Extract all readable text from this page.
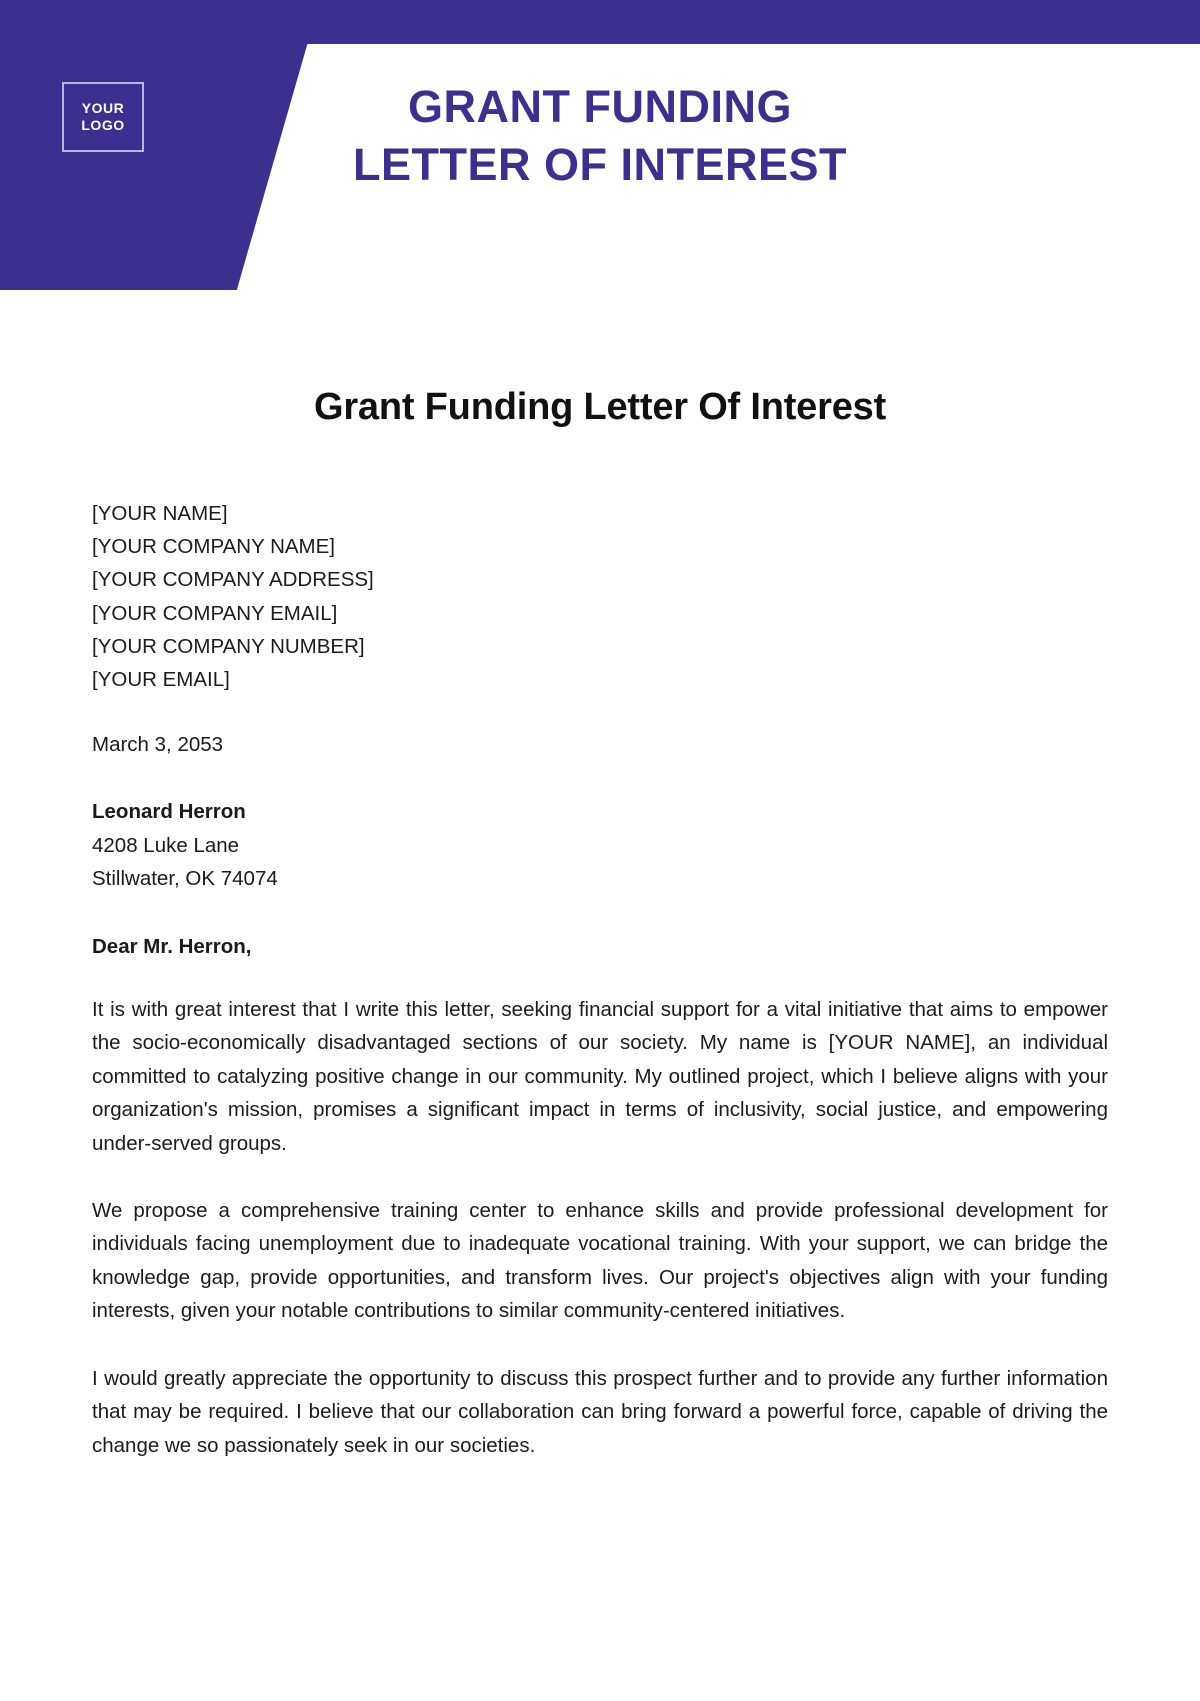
YOUR
LOGO	GRANT FUNDING LETTER OF INTEREST
Grant Funding Letter Of Interest
[YOUR NAME]
[YOUR COMPANY NAME]
[YOUR COMPANY ADDRESS]
[YOUR COMPANY EMAIL]
[YOUR COMPANY NUMBER]
[YOUR EMAIL]
March 3, 2053
Leonard Herron
4208 Luke Lane
Stillwater, OK 74074
Dear Mr. Herron,

It is with great interest that I write this letter, seeking financial support for a vital initiative that aims to empower the socio-economically disadvantaged sections of our society. My name is [YOUR NAME], an individual committed to catalyzing positive change in our community. My outlined project, which I believe aligns with your organization's mission, promises a significant impact in terms of inclusivity, social justice, and empowering under-served groups.

We propose a comprehensive training center to enhance skills and provide professional development for individuals facing unemployment due to inadequate vocational training. With your support, we can bridge the knowledge gap, provide opportunities, and transform lives. Our project's objectives align with your funding interests, given your notable contributions to similar community-centered initiatives.

I would greatly appreciate the opportunity to discuss this prospect further and to provide any further information that may be required. I believe that our collaboration can bring forward a powerful force, capable of driving the change we so passionately seek in our societies.
